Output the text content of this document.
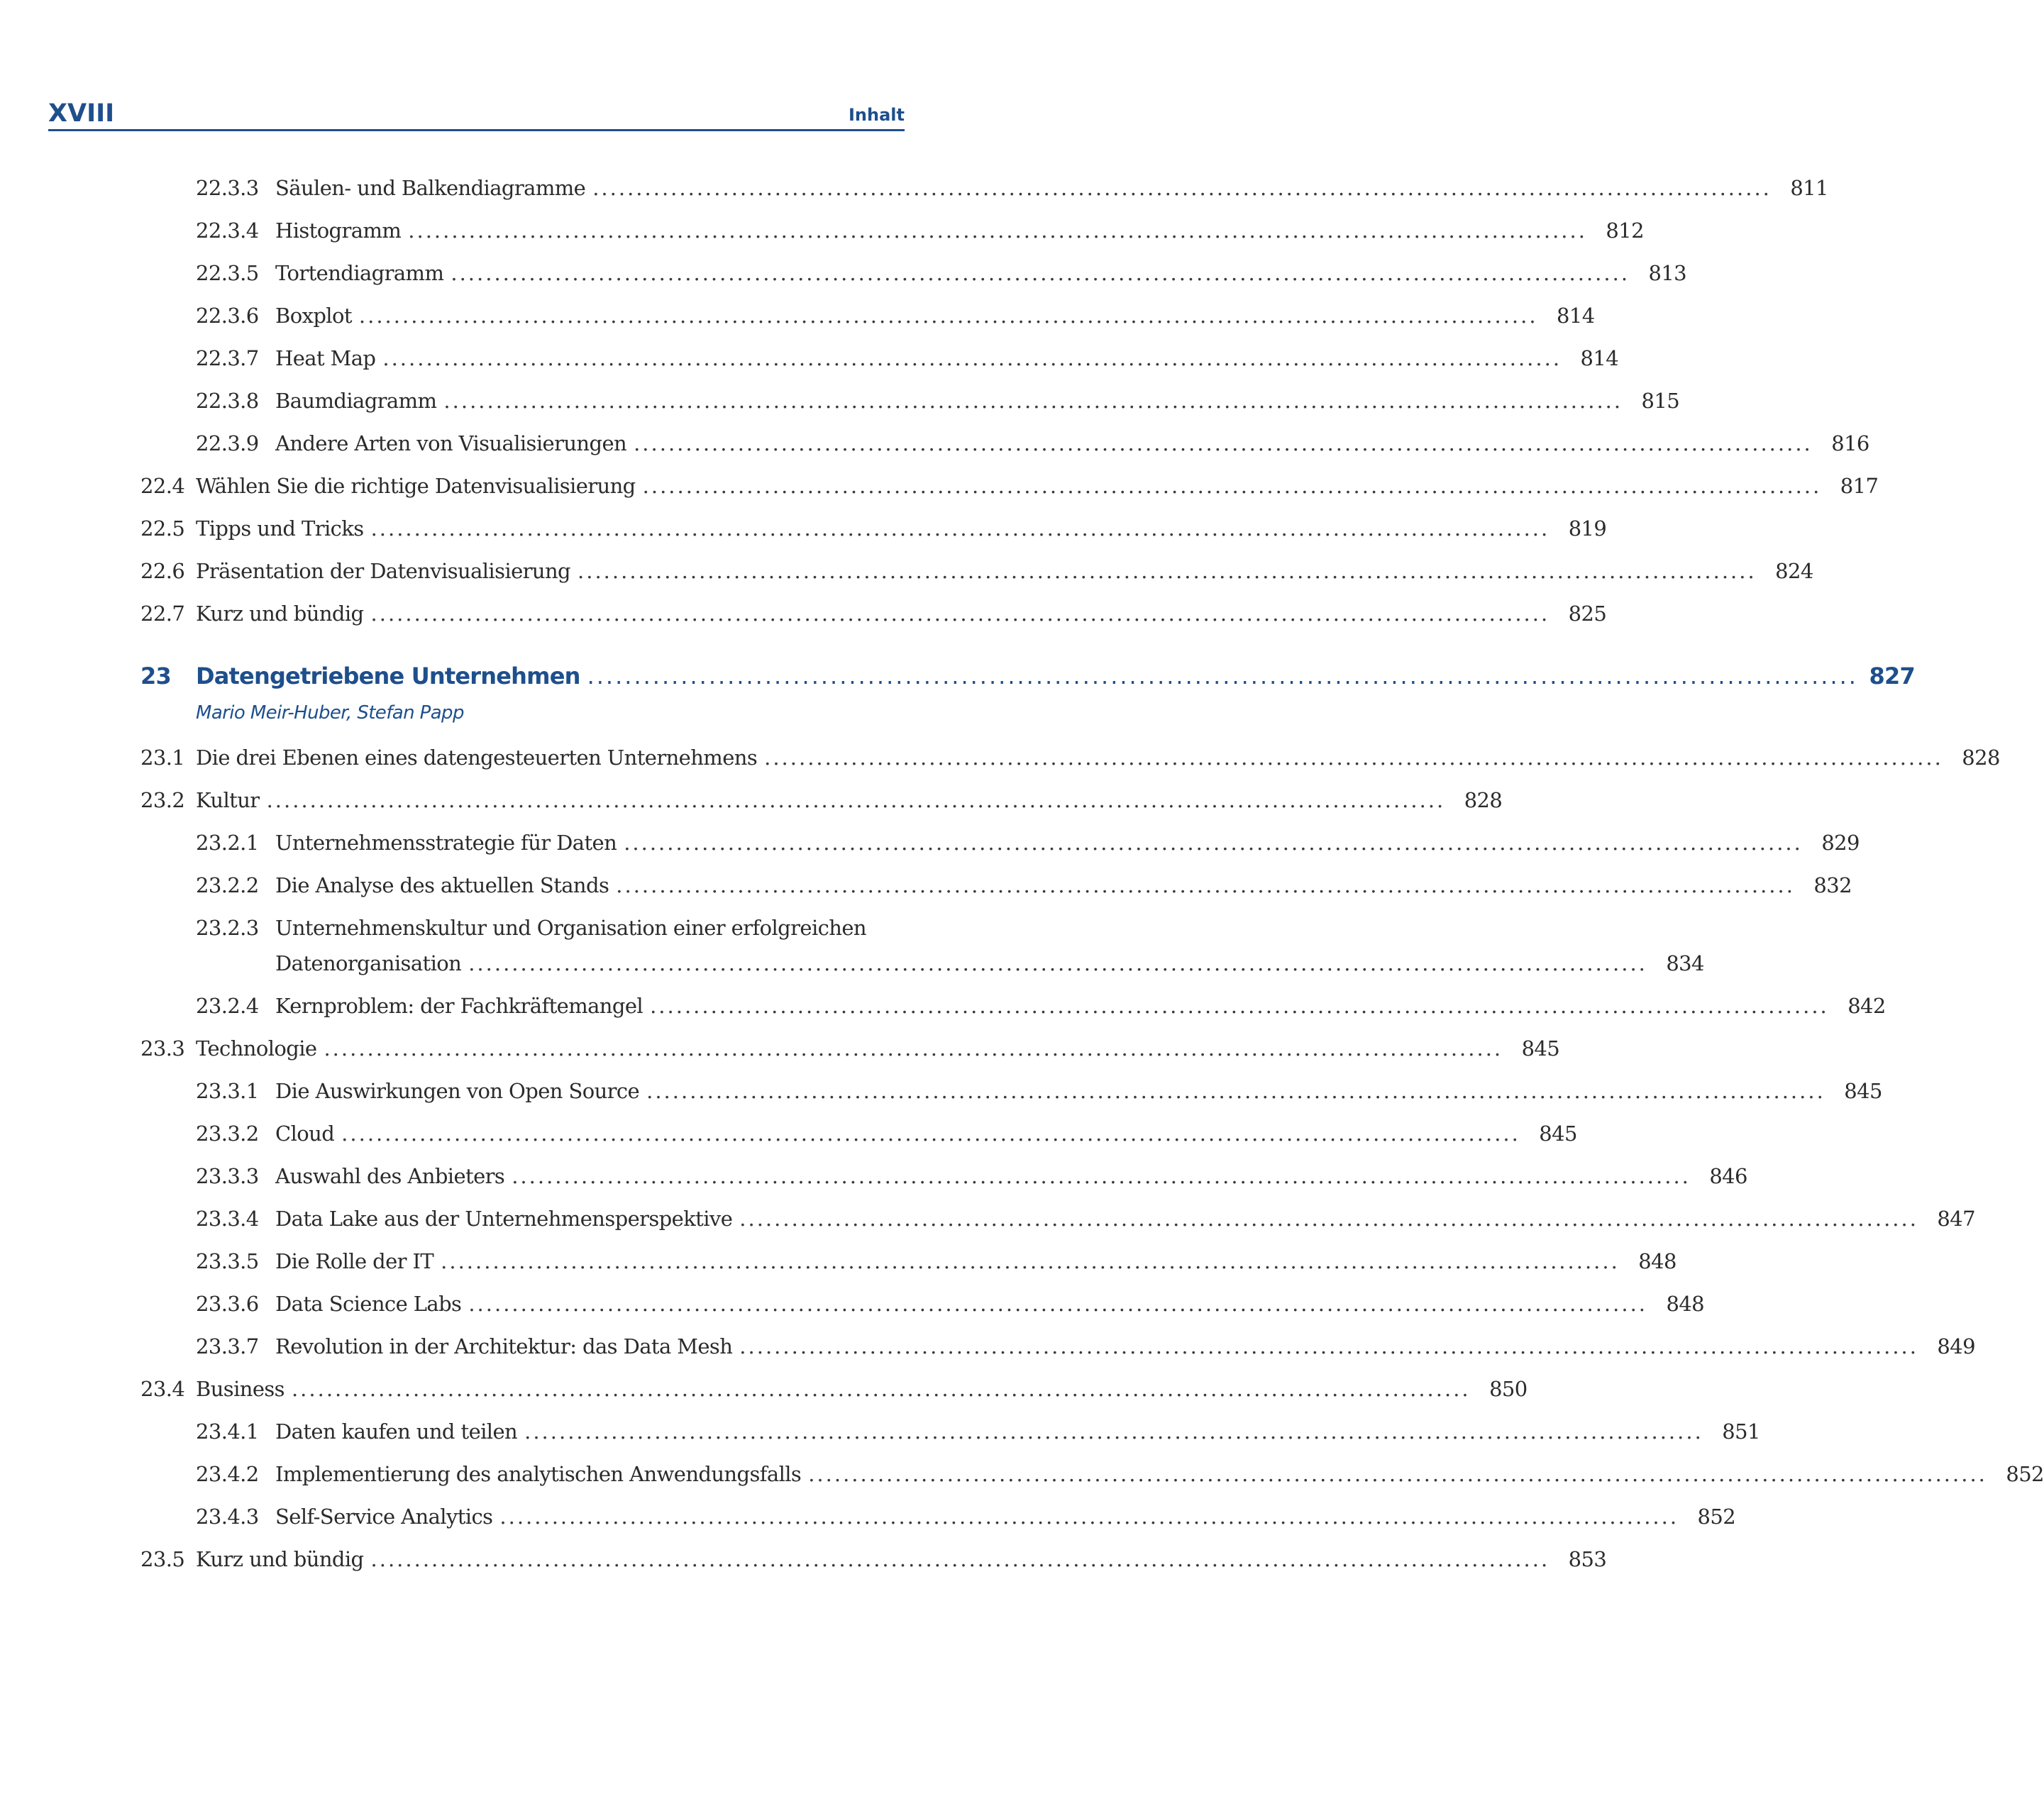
XVIII	Inhalt
22.3.3 Säulen- und Balkendiagramme ........................................................................................................................................ 811
22.3.4 Histogramm ........................................................................................................................................ 812
22.3.5 Tortendiagramm ........................................................................................................................................ 813
22.3.6 Boxplot ........................................................................................................................................ 814
22.3.7 Heat Map ........................................................................................................................................ 814
22.3.8 Baumdiagramm ........................................................................................................................................ 815
22.3.9 Andere Arten von Visualisierungen ........................................................................................................................................ 816
22.4 Wählen Sie die richtige Datenvisualisierung ........................................................................................................................................ 817
22.5 Tipps und Tricks ........................................................................................................................................ 819
22.6 Präsentation der Datenvisualisierung ........................................................................................................................................ 824
22.7 Kurz und bündig ........................................................................................................................................ 825
23	Datengetriebene Unternehmen ........................................................................................................................................ 827
Mario Meir-Huber, Stefan Papp
23.1 Die drei Ebenen eines datengesteuerten Unternehmens ........................................................................................................................................ 828
23.2 Kultur ........................................................................................................................................ 828
23.2.1 Unternehmensstrategie für Daten ........................................................................................................................................ 829
23.2.2 Die Analyse des aktuellen Stands ........................................................................................................................................ 832
23.2.3 Unternehmenskultur und Organisation einer erfolgreichen
Datenorganisation ........................................................................................................................................ 834
23.2.4 Kernproblem: der Fachkräftemangel ........................................................................................................................................ 842
23.3 Technologie ........................................................................................................................................ 845
23.3.1 Die Auswirkungen von Open Source ........................................................................................................................................ 845
23.3.2 Cloud ........................................................................................................................................ 845
23.3.3 Auswahl des Anbieters ........................................................................................................................................ 846
23.3.4 Data Lake aus der Unternehmensperspektive ........................................................................................................................................ 847
23.3.5 Die Rolle der IT ........................................................................................................................................ 848
23.3.6 Data Science Labs ........................................................................................................................................ 848
23.3.7 Revolution in der Architektur: das Data Mesh ........................................................................................................................................ 849
23.4 Business ........................................................................................................................................ 850
23.4.1 Daten kaufen und teilen ........................................................................................................................................ 851
23.4.2 Implementierung des analytischen Anwendungsfalls ........................................................................................................................................ 852
23.4.3 Self-Service Analytics ........................................................................................................................................ 852
23.5 Kurz und bündig ........................................................................................................................................ 853
